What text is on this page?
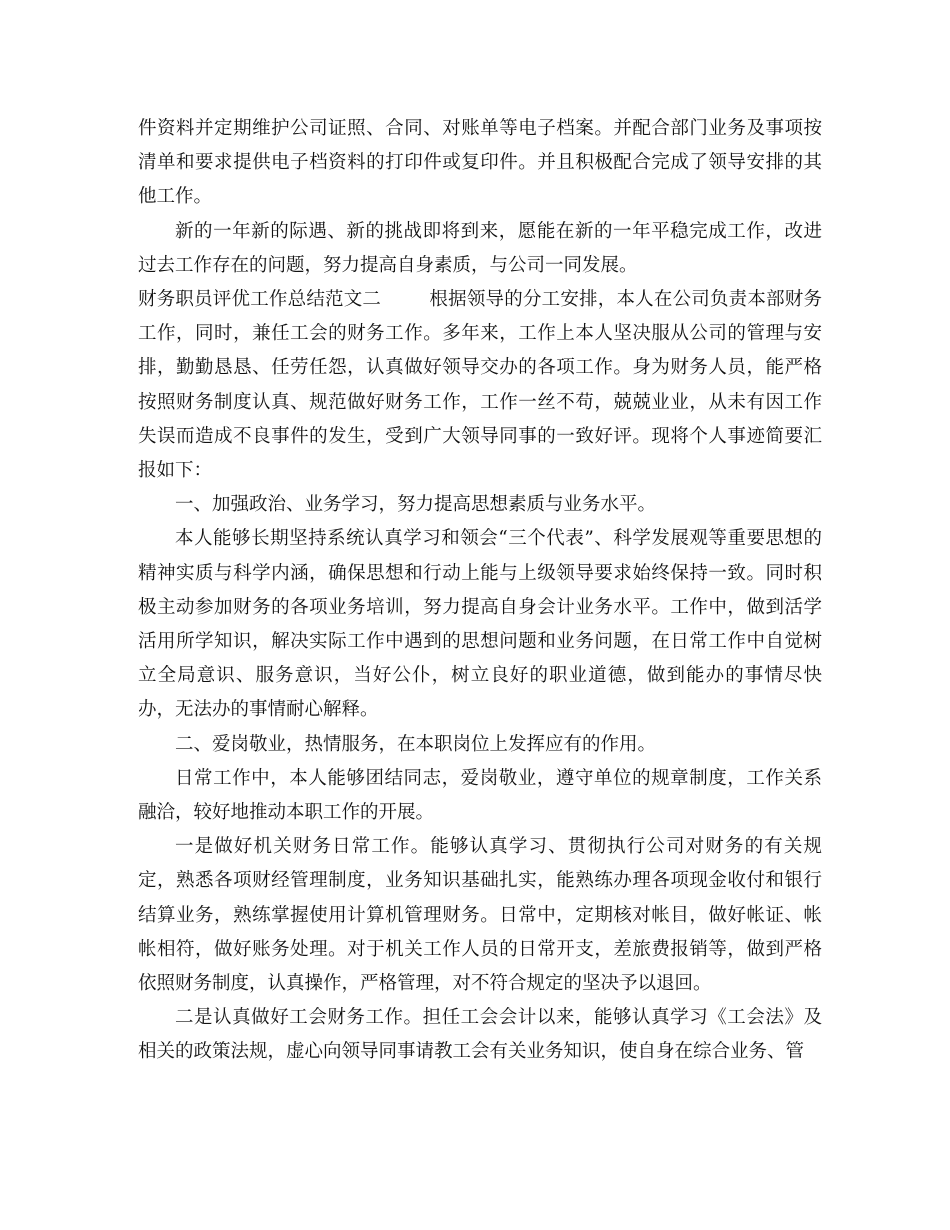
件资料并定期维护公司证照、合同、对账单等电子档案。并配合部门业务及事项按清单和要求提供电子档资料的打印件或复印件。并且积极配合完成了领导安排的其他工作。

新的一年新的际遇、新的挑战即将到来，愿能在新的一年平稳完成工作，改进过去工作存在的问题，努力提高自身素质，与公司一同发展。

财务职员评优工作总结范文二	根据领导的分工安排，本人在公司负责本部财务工作，同时，兼任工会的财务工作。多年来，工作上本人坚决服从公司的管理与安排，勤勤恳恳、任劳任怨，认真做好领导交办的各项工作。身为财务人员，能严格按照财务制度认真、规范做好财务工作，工作一丝不苟，兢兢业业，从未有因工作失误而造成不良事件的发生，受到广大领导同事的一致好评。现将个人事迹简要汇报如下：

一、加强政治、业务学习，努力提高思想素质与业务水平。

本人能够长期坚持系统认真学习和领会“三个代表”、科学发展观等重要思想的精神实质与科学内涵，确保思想和行动上能与上级领导要求始终保持一致。同时积极主动参加财务的各项业务培训，努力提高自身会计业务水平。工作中，做到活学活用所学知识，解决实际工作中遇到的思想问题和业务问题，在日常工作中自觉树立全局意识、服务意识，当好公仆，树立良好的职业道德，做到能办的事情尽快办，无法办的事情耐心解释。

二、爱岗敬业，热情服务，在本职岗位上发挥应有的作用。

日常工作中，本人能够团结同志，爱岗敬业，遵守单位的规章制度，工作关系融洽，较好地推动本职工作的开展。

一是做好机关财务日常工作。能够认真学习、贯彻执行公司对财务的有关规定，熟悉各项财经管理制度，业务知识基础扎实，能熟练办理各项现金收付和银行结算业务，熟练掌握使用计算机管理财务。日常中，定期核对帐目，做好帐证、帐帐相符，做好账务处理。对于机关工作人员的日常开支，差旅费报销等，做到严格依照财务制度，认真操作，严格管理，对不符合规定的坚决予以退回。

二是认真做好工会财务工作。担任工会会计以来，能够认真学习《工会法》及相关的政策法规，虚心向领导同事请教工会有关业务知识，使自身在综合业务、管
